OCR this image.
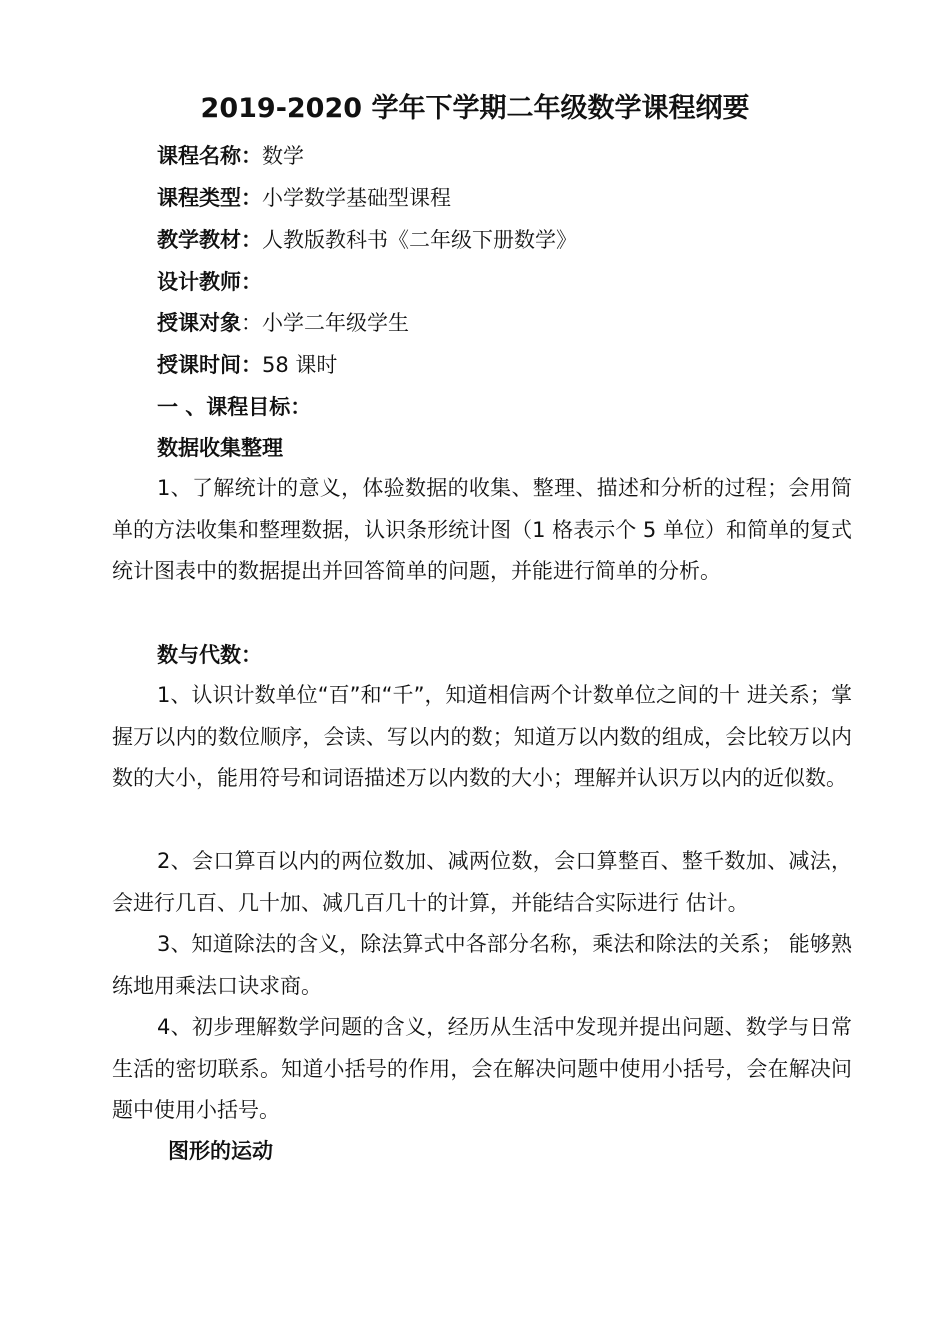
2019-2020 学年下学期二年级数学课程纲要
课程名称：数学
课程类型：小学数学基础型课程
教学教材：人教版教科书《二年级下册数学》
设计教师：
授课对象：小学二年级学生
授课时间：58 课时
一 、课程目标：
数据收集整理

1、了解统计的意义，体验数据的收集、整理、描述和分析的过程；会用简单的方法收集和整理数据，认识条形统计图（1 格表示个 5 单位）和简单的复式统计图表中的数据提出并回答简单的问题，并能进行简单的分析。

数与代数：

1、认识计数单位“百”和“千”，知道相信两个计数单位之间的十 进关系；掌握万以内的数位顺序，会读、写以内的数；知道万以内数的组成，会比较万以内数的大小，能用符号和词语描述万以内数的大小；理解并认识万以内的近似数。

2、会口算百以内的两位数加、减两位数，会口算整百、整千数加、减法，会进行几百、几十加、减几百几十的计算，并能结合实际进行 估计。

3、知道除法的含义，除法算式中各部分名称，乘法和除法的关系； 能够熟练地用乘法口诀求商。

4、初步理解数学问题的含义，经历从生活中发现并提出问题、数学与日常生活的密切联系。知道小括号的作用，会在解决问题中使用小括号，会在解决问题中使用小括号。

图形的运动
